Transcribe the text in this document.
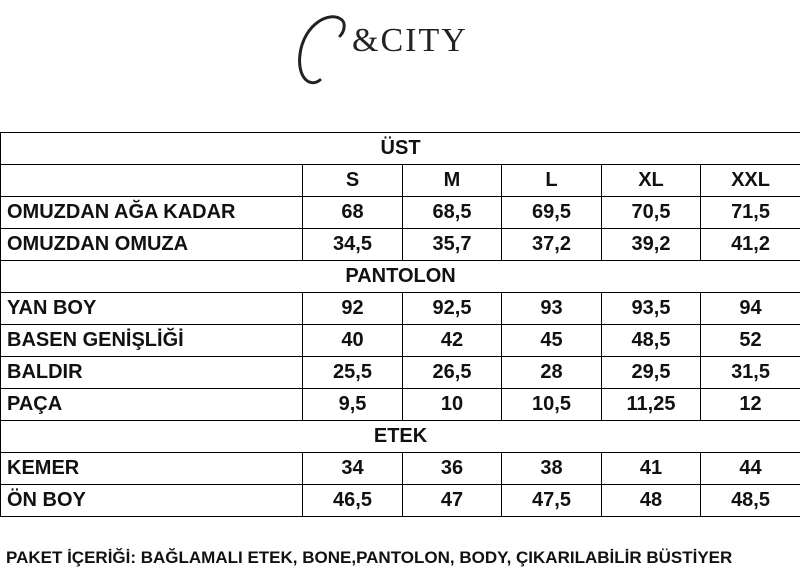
&CITY
ÜST					
	S	M	L	XL	XXL
OMUZDAN AĞA KADAR	68	68,5	69,5	70,5	71,5
OMUZDAN OMUZA	34,5	35,7	37,2	39,2	41,2
PANTOLON					
YAN BOY	92	92,5	93	93,5	94
BASEN GENİŞLİĞİ	40	42	45	48,5	52
BALDIR	25,5	26,5	28	29,5	31,5
PAÇA	9,5	10	10,5	11,25	12
ETEK					
KEMER	34	36	38	41	44
ÖN BOY	46,5	47	47,5	48	48,5
PAKET İÇERİĞİ: BAĞLAMALI ETEK, BONE,PANTOLON, BODY, ÇIKARILABİLİR BÜSTİYER
